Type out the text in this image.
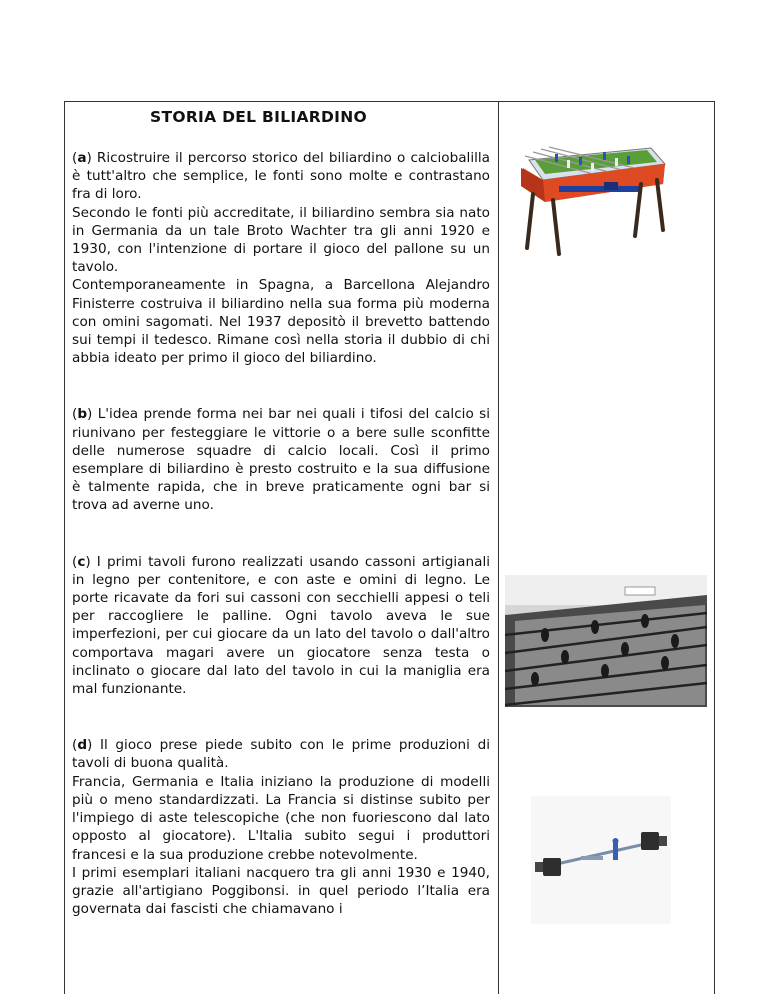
STORIA DEL BILIARDINO

(a) Ricostruire il percorso storico del biliardino o calciobalilla è tutt'altro che semplice, le fonti sono molte e contrastano fra di loro.
Secondo le fonti più accreditate, il biliardino sembra sia nato in Germania da un tale Broto Wachter tra gli anni 1920 e 1930, con l'intenzione di portare il gioco del pallone su un tavolo.
Contemporaneamente in Spagna, a Barcellona Alejandro Finisterre costruiva il biliardino nella sua forma più moderna con omini sagomati. Nel 1937 depositò il brevetto battendo sui tempi il tedesco. Rimane così nella storia il dubbio di chi abbia ideato per primo il gioco del biliardino.

(b) L'idea prende forma nei bar nei quali i tifosi del calcio si riunivano per festeggiare le vittorie o a bere sulle sconfitte delle numerose squadre di calcio locali. Così il primo esemplare di biliardino è presto costruito e la sua diffusione è talmente rapida, che in breve praticamente ogni bar si trova ad averne uno.

(c) I primi tavoli furono realizzati usando cassoni artigianali in legno per contenitore, e con aste e omini di legno. Le porte ricavate da fori sui cassoni con secchielli appesi o teli per raccogliere le palline. Ogni tavolo aveva le sue imperfezioni, per cui giocare da un lato del tavolo o dall'altro comportava magari avere un giocatore senza testa o inclinato o giocare dal lato del tavolo in cui la maniglia era mal funzionante.

(d) Il gioco prese piede subito con le prime produzioni di tavoli di buona qualità.
Francia, Germania e Italia iniziano la produzione di modelli più o meno standardizzati. La Francia si distinse subito per l'impiego di aste telescopiche (che non fuoriescono dal lato opposto al giocatore). L'Italia subito segui i produttori francesi e la sua produzione crebbe notevolmente.
I primi esemplari italiani nacquero tra gli anni 1930 e 1940, grazie all'artigiano Poggibonsi. in quel periodo l’Italia era governata dai fascisti che chiamavano i
